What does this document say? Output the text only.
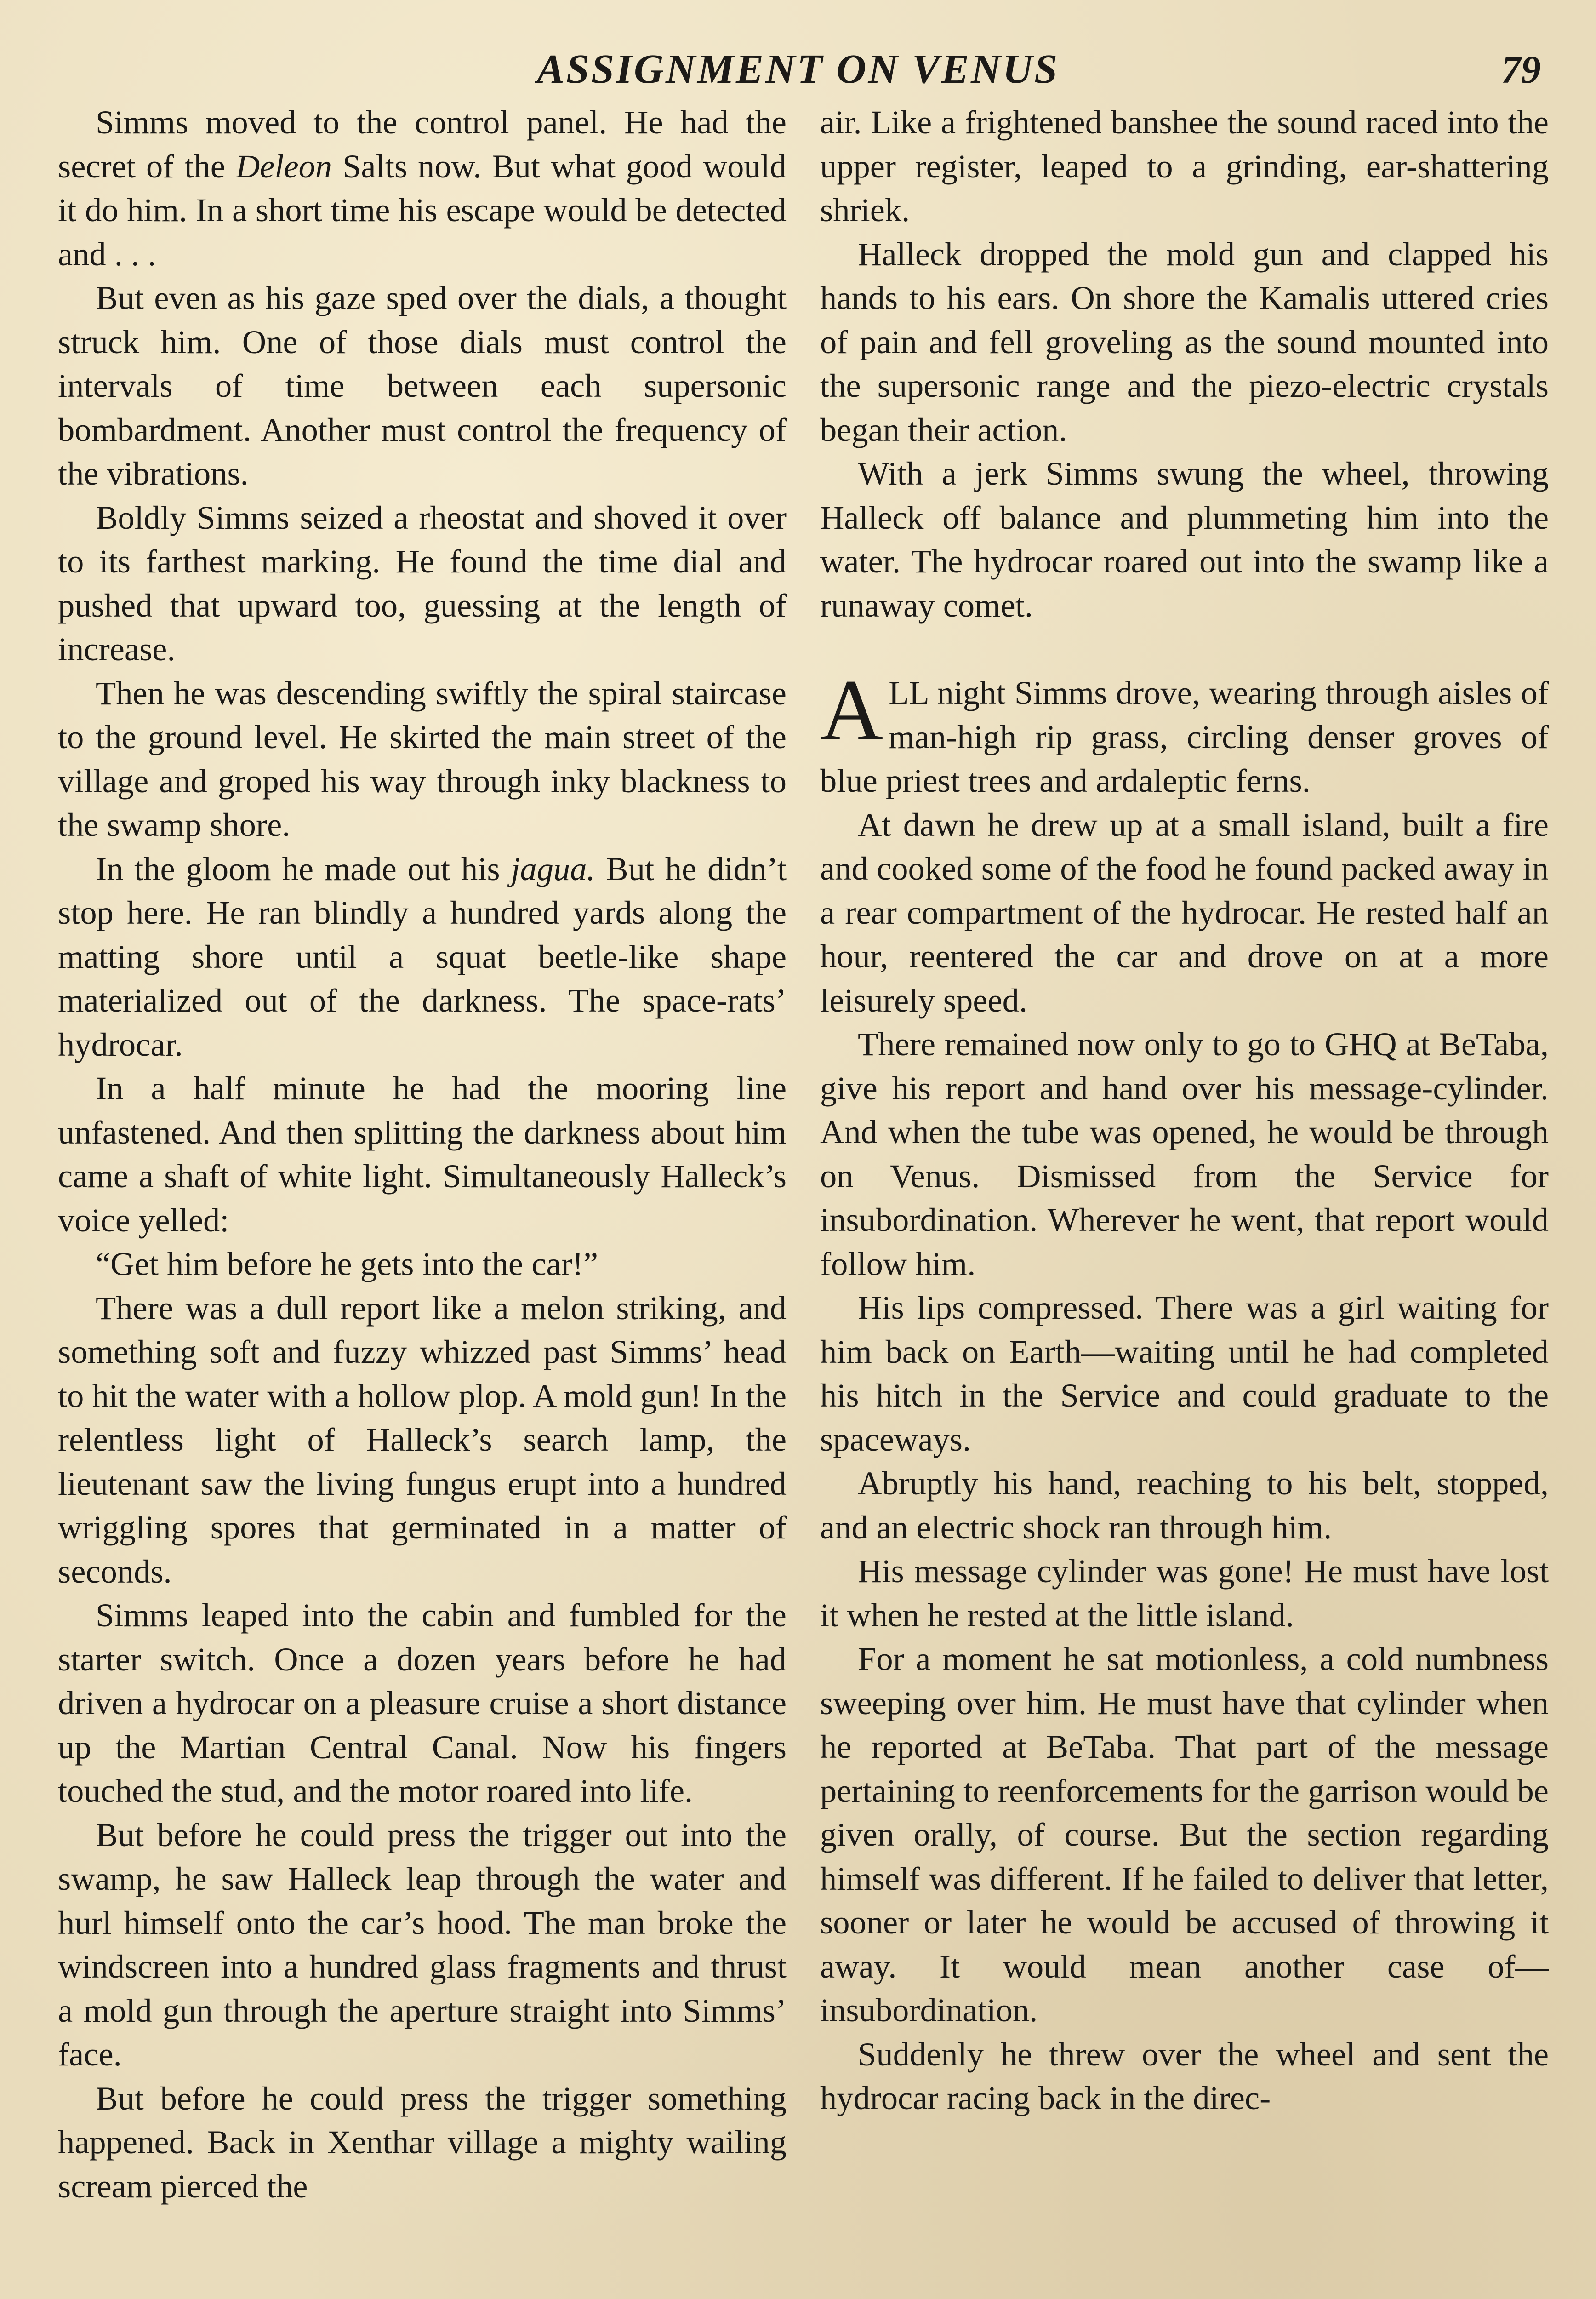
ASSIGNMENT ON VENUS	79

Simms moved to the control panel. He had the secret of the Deleon Salts now. But what good would it do him. In a short time his escape would be detected and . . .

But even as his gaze sped over the dials, a thought struck him. One of those dials must control the intervals of time between each supersonic bombardment. Another must control the frequency of the vibrations.

Boldly Simms seized a rheostat and shoved it over to its farthest marking. He found the time dial and pushed that upward too, guessing at the length of increase.

Then he was descending swiftly the spiral staircase to the ground level. He skirted the main street of the village and groped his way through inky blackness to the swamp shore.

In the gloom he made out his jagua. But he didn’t stop here. He ran blindly a hundred yards along the matting shore until a squat beetle-like shape materialized out of the darkness. The space-rats’ hydrocar.

In a half minute he had the mooring line unfastened. And then splitting the darkness about him came a shaft of white light. Simultaneously Halleck’s voice yelled:

“Get him before he gets into the car!”

There was a dull report like a melon striking, and something soft and fuzzy whizzed past Simms’ head to hit the water with a hollow plop. A mold gun! In the relentless light of Halleck’s search lamp, the lieutenant saw the living fungus erupt into a hundred wriggling spores that germinated in a matter of seconds.

Simms leaped into the cabin and fumbled for the starter switch. Once a dozen years before he had driven a hydrocar on a pleasure cruise a short distance up the Martian Central Canal. Now his fingers touched the stud, and the motor roared into life.

But before he could press the trigger out into the swamp, he saw Halleck leap through the water and hurl himself onto the car’s hood. The man broke the windscreen into a hundred glass fragments and thrust a mold gun through the aperture straight into Simms’ face.

But before he could press the trigger something happened. Back in Xenthar village a mighty wailing scream pierced the

air. Like a frightened banshee the sound raced into the upper register, leaped to a grinding, ear-shattering shriek.

Halleck dropped the mold gun and clapped his hands to his ears. On shore the Kamalis uttered cries of pain and fell groveling as the sound mounted into the supersonic range and the piezo-electric crystals began their action.

With a jerk Simms swung the wheel, throwing Halleck off balance and plummeting him into the water. The hydrocar roared out into the swamp like a runaway comet.

ALL night Simms drove, wearing through aisles of man-high rip grass, circling denser groves of blue priest trees and ardaleptic ferns.

At dawn he drew up at a small island, built a fire and cooked some of the food he found packed away in a rear compartment of the hydrocar. He rested half an hour, reentered the car and drove on at a more leisurely speed.

There remained now only to go to GHQ at BeTaba, give his report and hand over his message-cylinder. And when the tube was opened, he would be through on Venus. Dismissed from the Service for insubordination. Wherever he went, that report would follow him.

His lips compressed. There was a girl waiting for him back on Earth—waiting until he had completed his hitch in the Service and could graduate to the spaceways.

Abruptly his hand, reaching to his belt, stopped, and an electric shock ran through him.

His message cylinder was gone! He must have lost it when he rested at the little island.

For a moment he sat motionless, a cold numbness sweeping over him. He must have that cylinder when he reported at BeTaba. That part of the message pertaining to reenforcements for the garrison would be given orally, of course. But the section regarding himself was different. If he failed to deliver that letter, sooner or later he would be accused of throwing it away. It would mean another case of—insubordination.

Suddenly he threw over the wheel and sent the hydrocar racing back in the direc-
